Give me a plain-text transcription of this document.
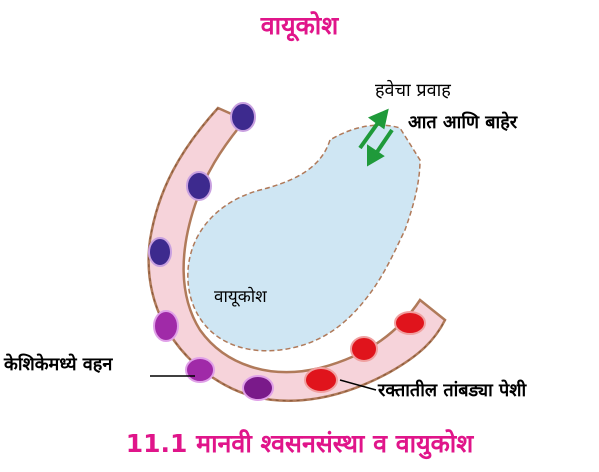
वायूकोश
हवेचा प्रवाह
आत आणि बाहेर
वायूकोश
केशिकेमध्ये वहन
रक्तातील तांबड्या पेशी
11.1 मानवी श्वसनसंस्था व वायुकोश
